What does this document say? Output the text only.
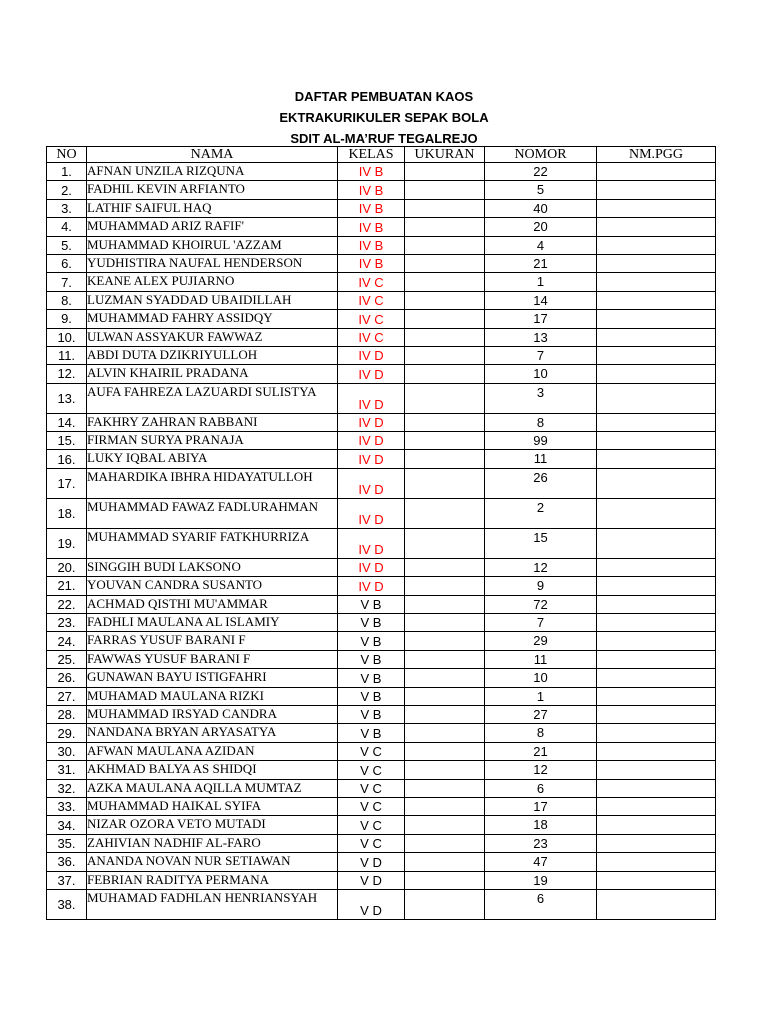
DAFTAR PEMBUATAN KAOS
EKTRAKURIKULER SEPAK BOLA
SDIT AL-MA’RUF TEGALREJO
NO	NAMA	KELAS	UKURAN	NOMOR	NM.PGG
1.	AFNAN UNZILA RIZQUNA	IV B		22	
2.	FADHIL KEVIN ARFIANTO	IV B		5	
3.	LATHIF SAIFUL HAQ	IV B		40	
4.	MUHAMMAD ARIZ RAFIF'	IV B		20	
5.	MUHAMMAD KHOIRUL 'AZZAM	IV B		4	
6.	YUDHISTIRA NAUFAL HENDERSON	IV B		21	
7.	KEANE ALEX PUJIARNO	IV C		1	
8.	LUZMAN SYADDAD UBAIDILLAH	IV C		14	
9.	MUHAMMAD FAHRY ASSIDQY	IV C		17	
10.	ULWAN ASSYAKUR FAWWAZ	IV C		13	
11.	ABDI DUTA DZIKRIYULLOH	IV D		7	
12.	ALVIN KHAIRIL PRADANA	IV D		10	
13.	AUFA FAHREZA LAZUARDI SULISTYA	IV D		3	
14.	FAKHRY ZAHRAN RABBANI	IV D		8	
15.	FIRMAN SURYA PRANAJA	IV D		99	
16.	LUKY IQBAL ABIYA	IV D		11	
17.	MAHARDIKA IBHRA HIDAYATULLOH	IV D		26	
18.	MUHAMMAD FAWAZ FADLURAHMAN	IV D		2	
19.	MUHAMMAD SYARIF FATKHURRIZA	IV D		15	
20.	SINGGIH BUDI LAKSONO	IV D		12	
21.	YOUVAN CANDRA SUSANTO	IV D		9	
22.	ACHMAD QISTHI MU'AMMAR	V B		72	
23.	FADHLI MAULANA AL ISLAMIY	V B		7	
24.	FARRAS YUSUF BARANI F	V B		29	
25.	FAWWAS YUSUF BARANI F	V B		11	
26.	GUNAWAN BAYU ISTIGFAHRI	V B		10	
27.	MUHAMAD MAULANA RIZKI	V B		1	
28.	MUHAMMAD IRSYAD CANDRA	V B		27	
29.	NANDANA BRYAN ARYASATYA	V B		8	
30.	AFWAN MAULANA AZIDAN	V C		21	
31.	AKHMAD BALYA AS SHIDQI	V C		12	
32.	AZKA MAULANA AQILLA MUMTAZ	V C		6	
33.	MUHAMMAD HAIKAL SYIFA	V C		17	
34.	NIZAR OZORA VETO MUTADI	V C		18	
35.	ZAHIVIAN NADHIF AL-FARO	V C		23	
36.	ANANDA NOVAN NUR SETIAWAN	V D		47	
37.	FEBRIAN RADITYA PERMANA	V D		19	
38.	MUHAMAD FADHLAN HENRIANSYAH	V D		6	
